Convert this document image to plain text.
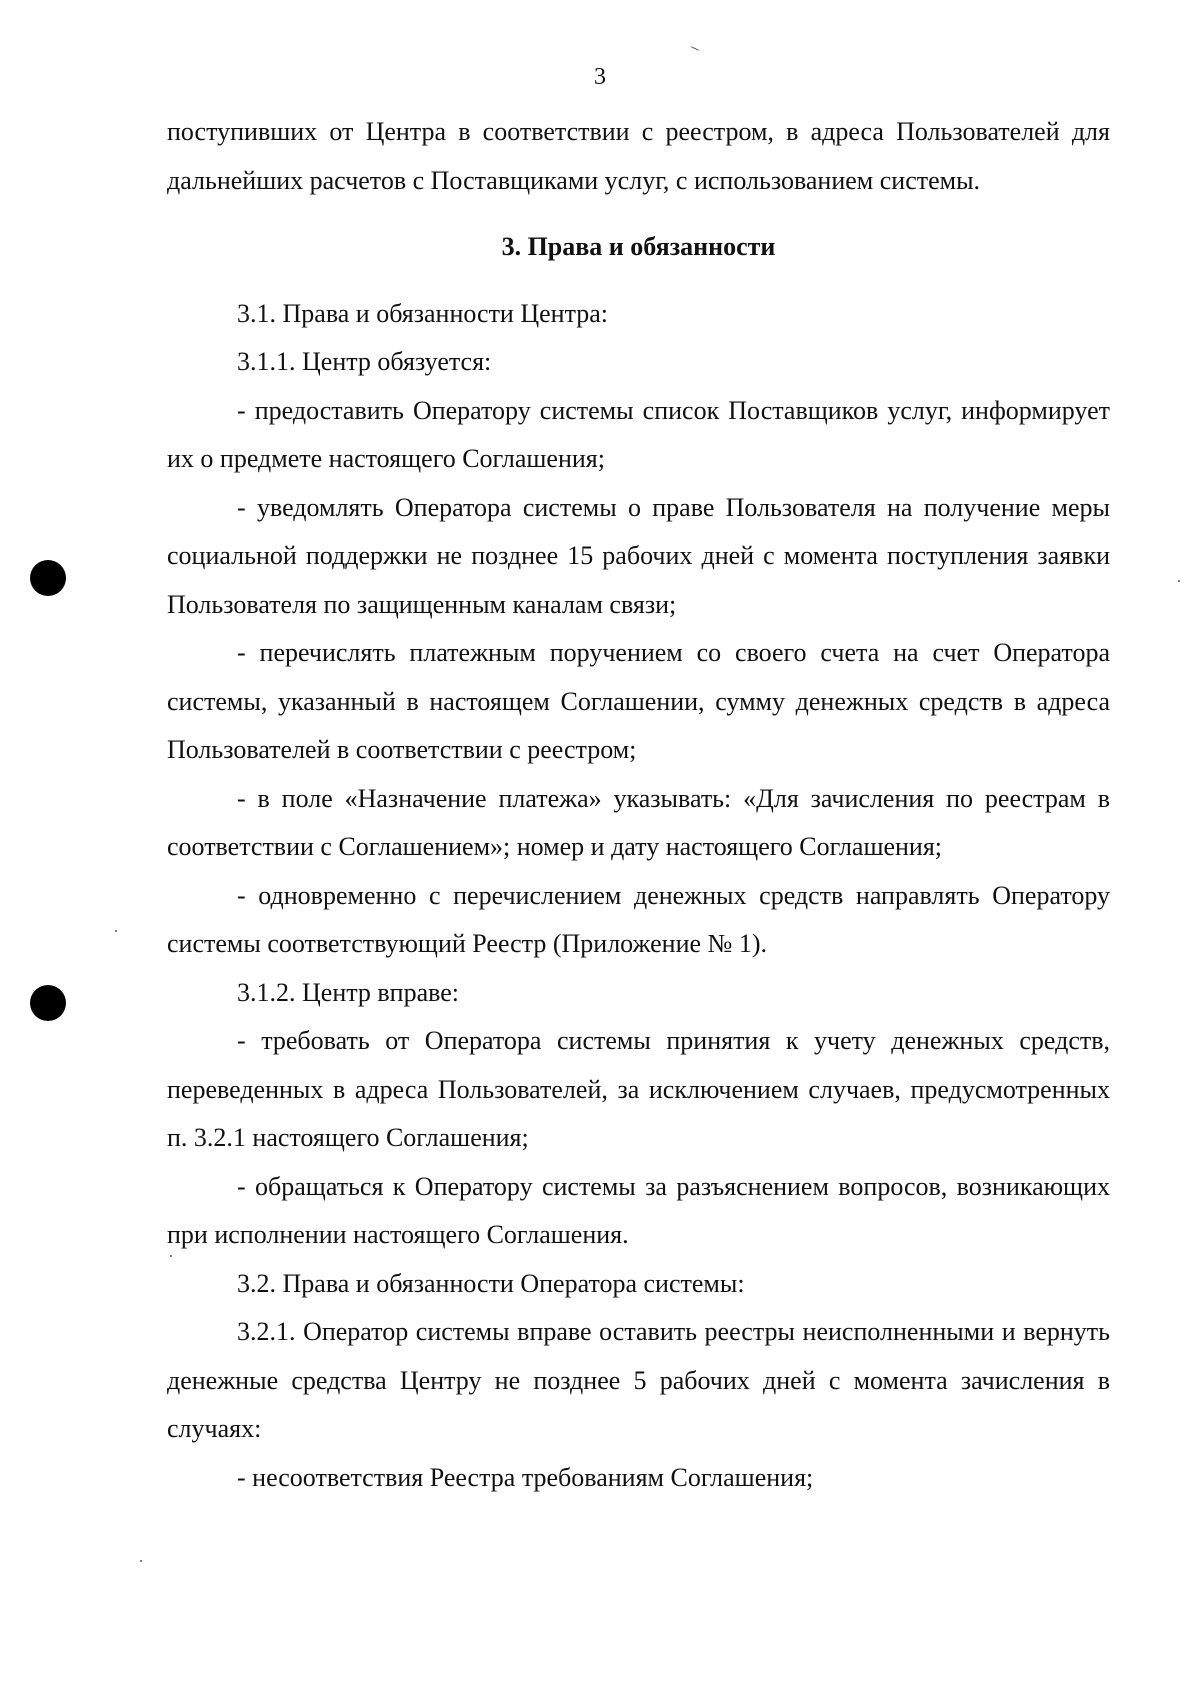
3

поступивших от Центра в соответствии с реестром, в адреса Пользователей для дальнейших расчетов с Поставщиками услуг, с использованием системы.

3. Права и обязанности

3.1. Права и обязанности Центра:

3.1.1. Центр обязуется:

- предоставить Оператору системы список Поставщиков услуг, информирует их о предмете настоящего Соглашения;

- уведомлять Оператора системы о праве Пользователя на получение меры социальной поддержки не позднее 15 рабочих дней с момента поступления заявки Пользователя по защищенным каналам связи;

- перечислять платежным поручением со своего счета на счет Оператора системы, указанный в настоящем Соглашении, сумму денежных средств в адреса Пользователей в соответствии с реестром;

- в поле «Назначение платежа» указывать: «Для зачисления по реестрам в соответствии с Соглашением»; номер и дату настоящего Соглашения;

- одновременно с перечислением денежных средств направлять Оператору системы соответствующий Реестр (Приложение № 1).

3.1.2. Центр вправе:

- требовать от Оператора системы принятия к учету денежных средств, переведенных в адреса Пользователей, за исключением случаев, предусмотренных п. 3.2.1 настоящего Соглашения;

- обращаться к Оператору системы за разъяснением вопросов, возникающих при исполнении настоящего Соглашения.

3.2. Права и обязанности Оператора системы:

3.2.1. Оператор системы вправе оставить реестры неисполненными и вернуть денежные средства Центру не позднее 5 рабочих дней с момента зачисления в случаях:

- несоответствия Реестра требованиям Соглашения;
